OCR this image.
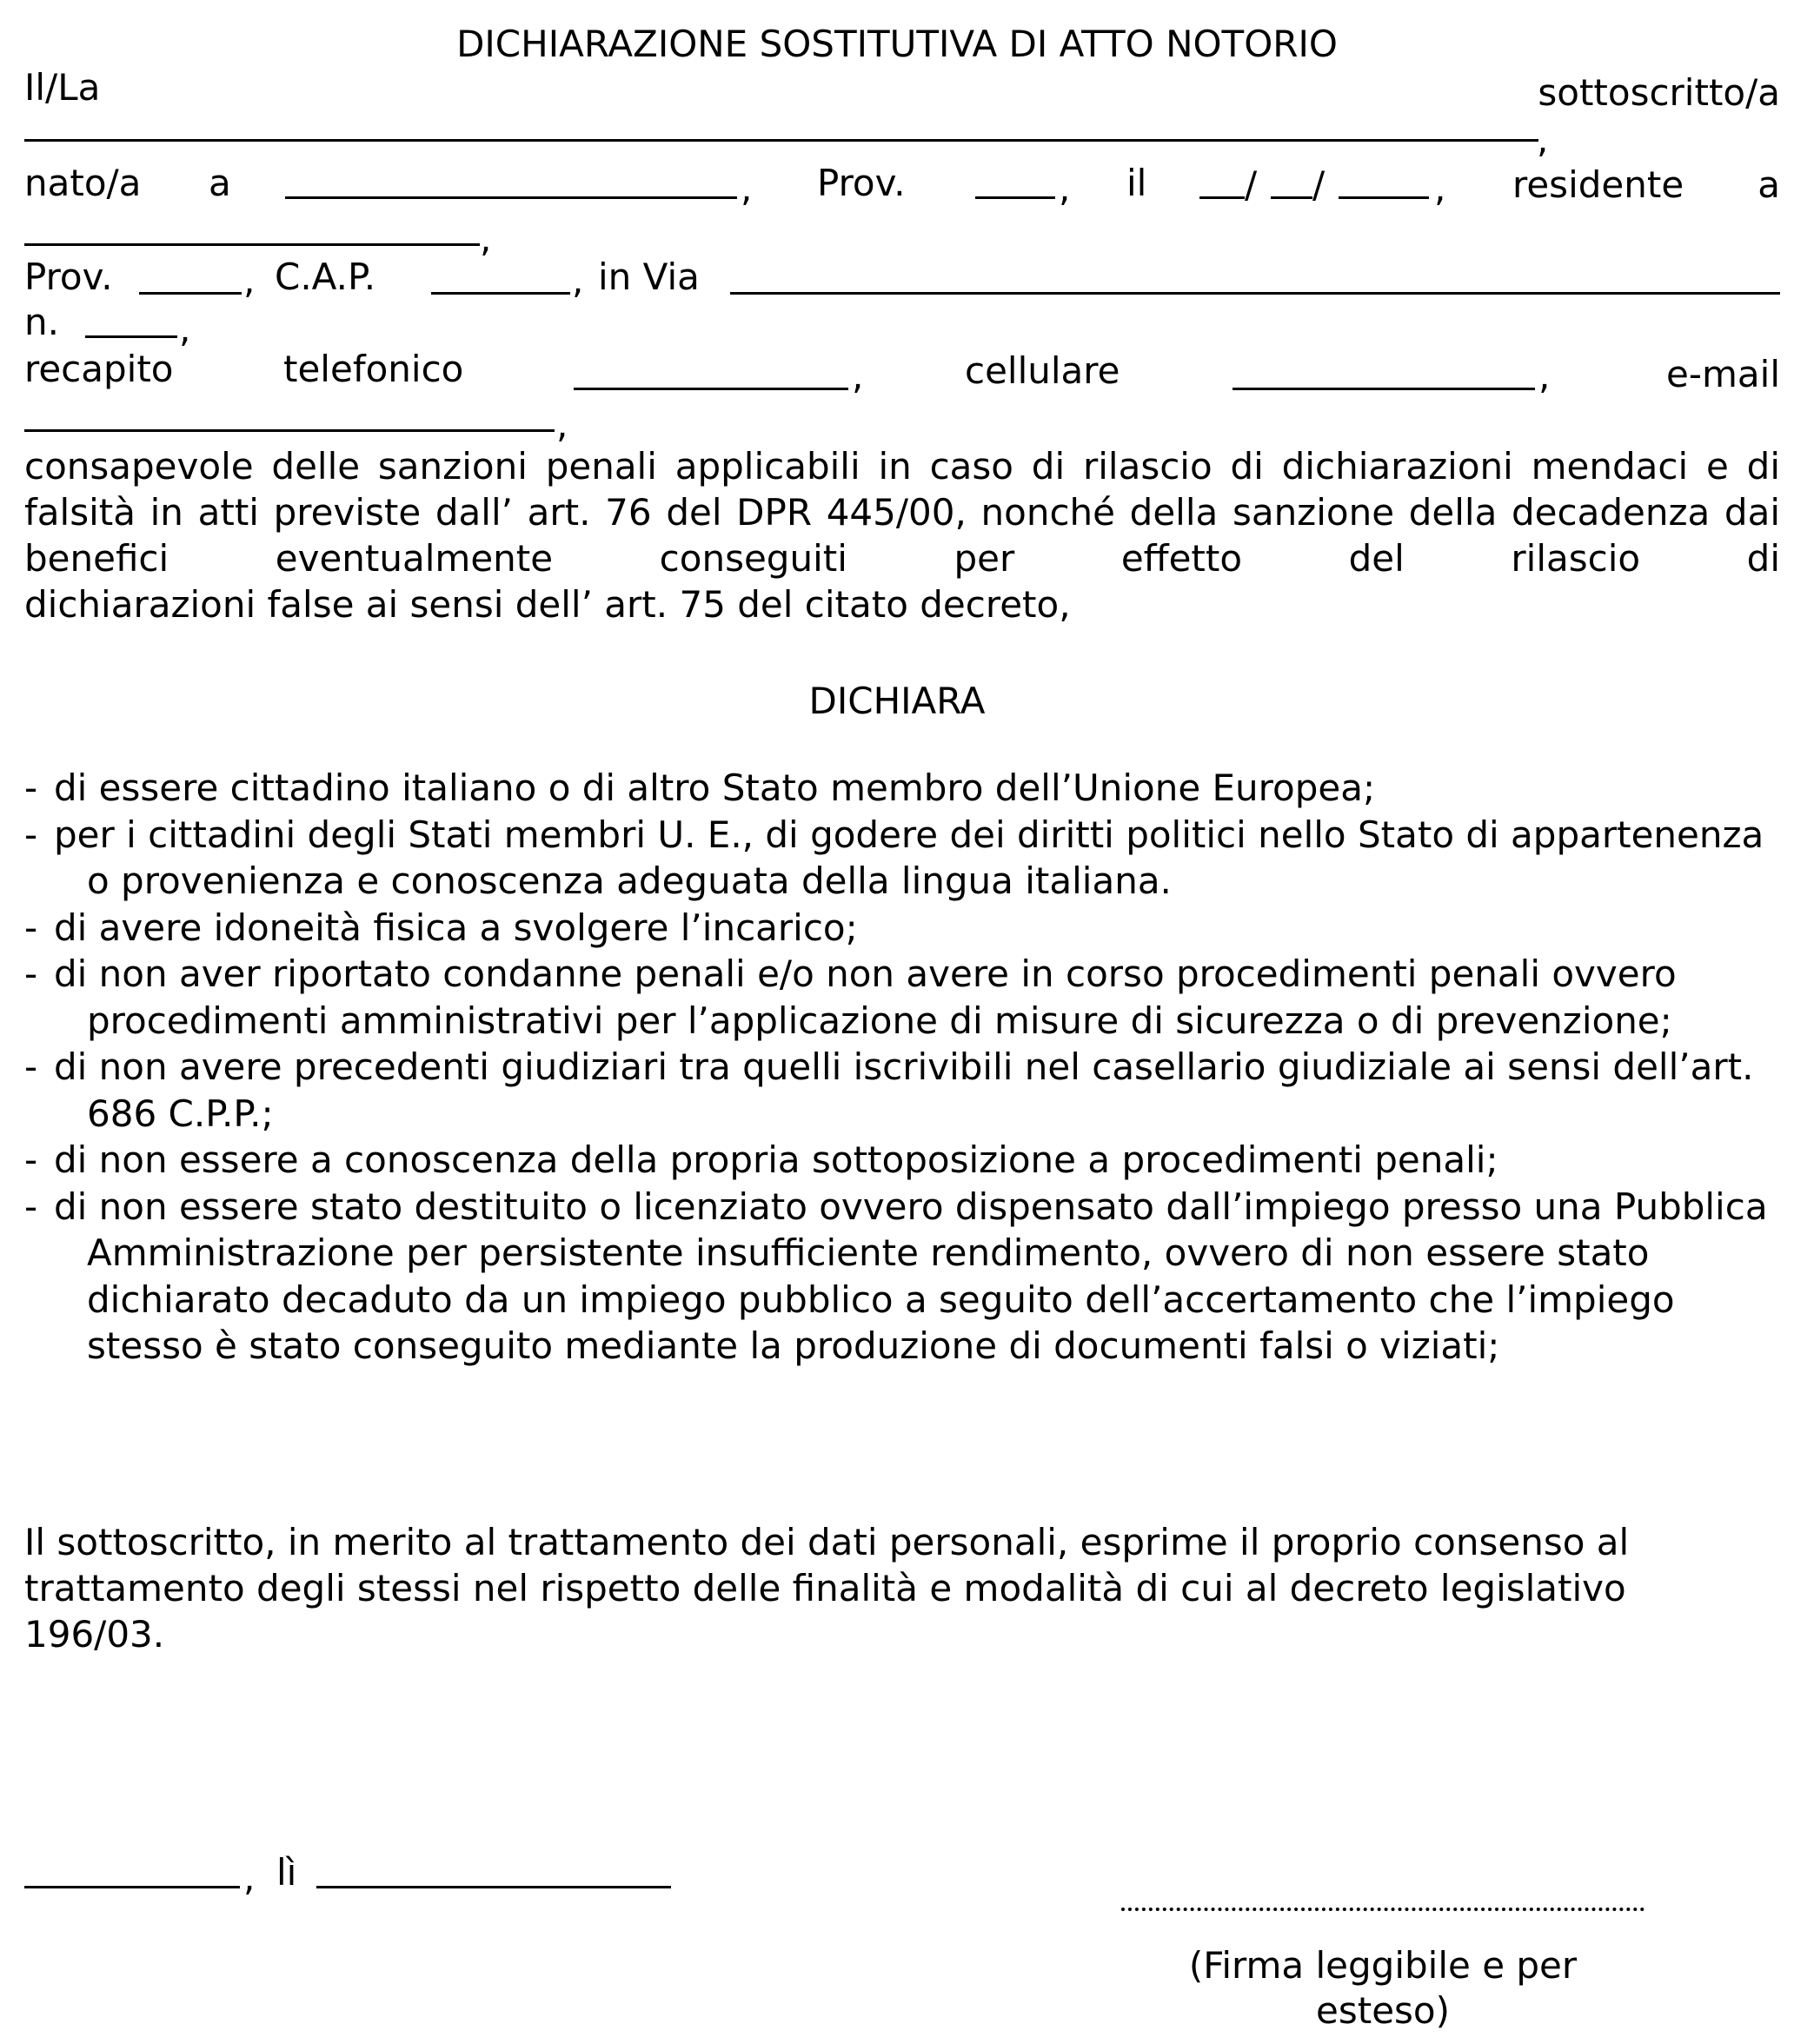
DICHIARAZIONE SOSTITUTIVA DI ATTO NOTORIO
Il/La	sottoscritto/a
,
nato/a a	, Prov.	, il	/ /	, residente a
,
Prov.	, C.A.P.	, in Via
n.	,
recapito	telefonico	,	cellulare	,	e-mail
,
consapevole delle sanzioni penali applicabili in caso di rilascio di dichiarazioni mendaci e di falsità in atti previste dall’ art. 76 del DPR 445/00, nonché della sanzione della decadenza dai benefici eventualmente conseguiti per effetto del rilascio di
dichiarazioni false ai sensi dell’ art. 75 del citato decreto,
DICHIARA
- di essere cittadino italiano o di altro Stato membro dell’Unione Europea;
- per i cittadini degli Stati membri U. E., di godere dei diritti politici nello Stato di appartenenza o provenienza e conoscenza adeguata della lingua italiana.
- di avere idoneità fisica a svolgere l’incarico;
- di non aver riportato condanne penali e/o non avere in corso procedimenti penali ovvero procedimenti amministrativi per l’applicazione di misure di sicurezza o di prevenzione;
- di non avere precedenti giudiziari tra quelli iscrivibili nel casellario giudiziale ai sensi dell’art. 686 C.P.P.;
- di non essere a conoscenza della propria sottoposizione a procedimenti penali;
- di non essere stato destituito o licenziato ovvero dispensato dall’impiego presso una Pubblica Amministrazione per persistente insufficiente rendimento, ovvero di non essere stato dichiarato decaduto da un impiego pubblico a seguito dell’accertamento che l’impiego stesso è stato conseguito mediante la produzione di documenti falsi o viziati;
Il sottoscritto, in merito al trattamento dei dati personali, esprime il proprio consenso al trattamento degli stessi nel rispetto delle finalità e modalità di cui al decreto legislativo 196/03.
, lì
(Firma leggibile e per esteso)
